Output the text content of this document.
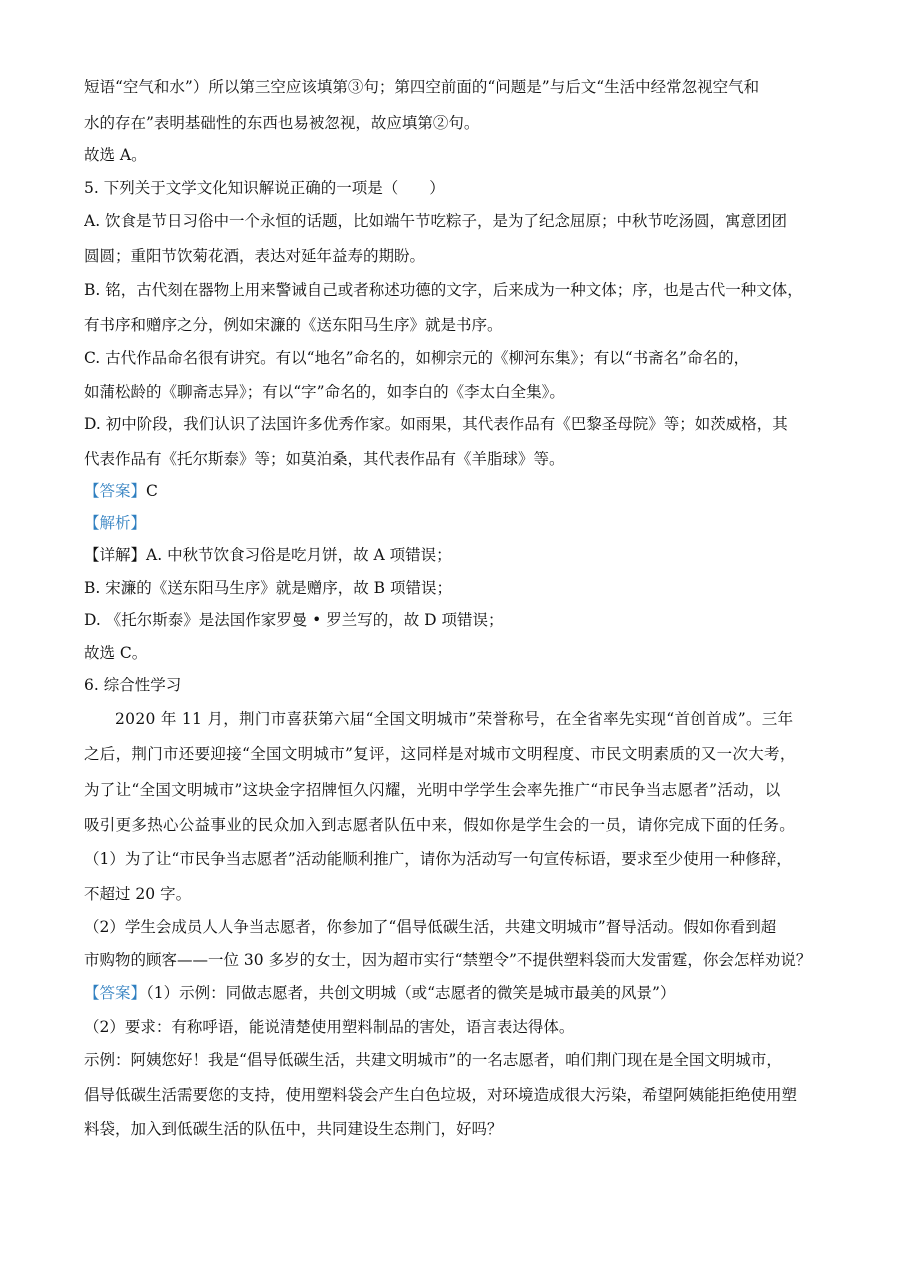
短语“空气和水”）所以第三空应该填第③句；第四空前面的“问题是”与后文“生活中经常忽视空气和
水的存在”表明基础性的东西也易被忽视，故应填第②句。
故选 A。
5. 下列关于文学文化知识解说正确的一项是（　　）
A. 饮食是节日习俗中一个永恒的话题，比如端午节吃粽子，是为了纪念屈原；中秋节吃汤圆，寓意团团
圆圆；重阳节饮菊花酒，表达对延年益寿的期盼。
B. 铭，古代刻在器物上用来警诫自己或者称述功德的文字，后来成为一种文体；序，也是古代一种文体，
有书序和赠序之分，例如宋濂的《送东阳马生序》就是书序。
C. 古代作品命名很有讲究。有以“地名”命名的，如柳宗元的《柳河东集》；有以“书斋名”命名的，
如蒲松龄的《聊斋志异》；有以“字”命名的，如李白的《李太白全集》。
D. 初中阶段，我们认识了法国许多优秀作家。如雨果，其代表作品有《巴黎圣母院》等；如茨威格，其
代表作品有《托尔斯泰》等；如莫泊桑，其代表作品有《羊脂球》等。
【答案】C
【解析】
【详解】A. 中秋节饮食习俗是吃月饼，故 A 项错误；
B. 宋濂的《送东阳马生序》就是赠序，故 B 项错误；
D. 《托尔斯泰》是法国作家罗曼 • 罗兰写的，故 D 项错误；
故选 C。
6. 综合性学习
2020 年 11 月，荆门市喜获第六届“全国文明城市”荣誉称号，在全省率先实现“首创首成”。三年
之后，荆门市还要迎接“全国文明城市”复评，这同样是对城市文明程度、市民文明素质的又一次大考，
为了让“全国文明城市”这块金字招牌恒久闪耀，光明中学学生会率先推广“市民争当志愿者”活动，以
吸引更多热心公益事业的民众加入到志愿者队伍中来，假如你是学生会的一员，请你完成下面的任务。
（1）为了让“市民争当志愿者”活动能顺利推广，请你为活动写一句宣传标语，要求至少使用一种修辞，
不超过 20 字。
（2）学生会成员人人争当志愿者，你参加了“倡导低碳生活，共建文明城市”督导活动。假如你看到超
市购物的顾客——一位 30 多岁的女士，因为超市实行“禁塑令”不提供塑料袋而大发雷霆，你会怎样劝说？
【答案】（1）示例：同做志愿者，共创文明城（或“志愿者的微笑是城市最美的风景”）
（2）要求：有称呼语，能说清楚使用塑料制品的害处，语言表达得体。
示例：阿姨您好！我是“倡导低碳生活，共建文明城市”的一名志愿者，咱们荆门现在是全国文明城市，
倡导低碳生活需要您的支持，使用塑料袋会产生白色垃圾，对环境造成很大污染，希望阿姨能拒绝使用塑
料袋，加入到低碳生活的队伍中，共同建设生态荆门，好吗？
